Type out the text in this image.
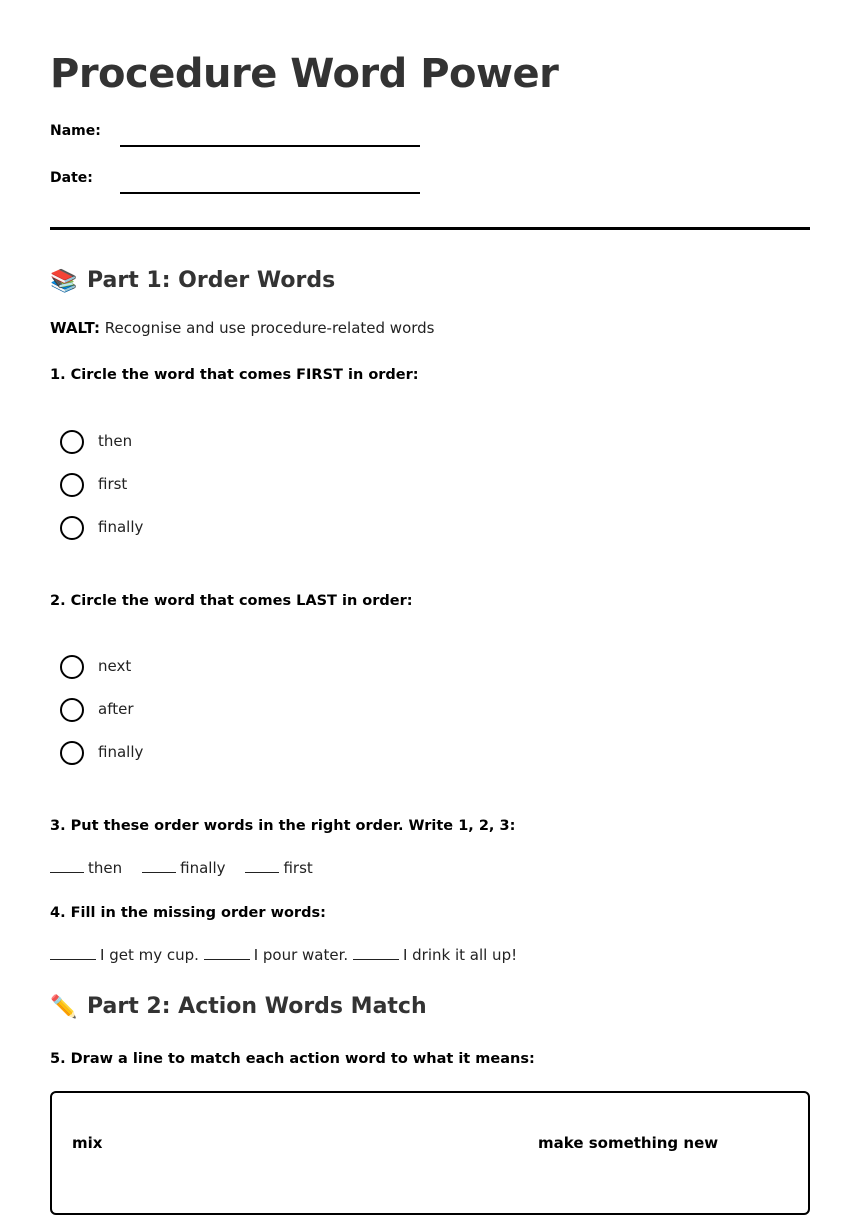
Procedure Word Power
Name:
Date:
📚 Part 1: Order Words
WALT: Recognise and use procedure-related words
1. Circle the word that comes FIRST in order:
then
first
finally
2. Circle the word that comes LAST in order:
next
after
finally
3. Put these order words in the right order. Write 1, 2, 3:
then	finally	first
4. Fill in the missing order words:
I get my cup.	I pour water.	I drink it all up!
✏️ Part 2: Action Words Match
5. Draw a line to match each action word to what it means:
mix	make something new
